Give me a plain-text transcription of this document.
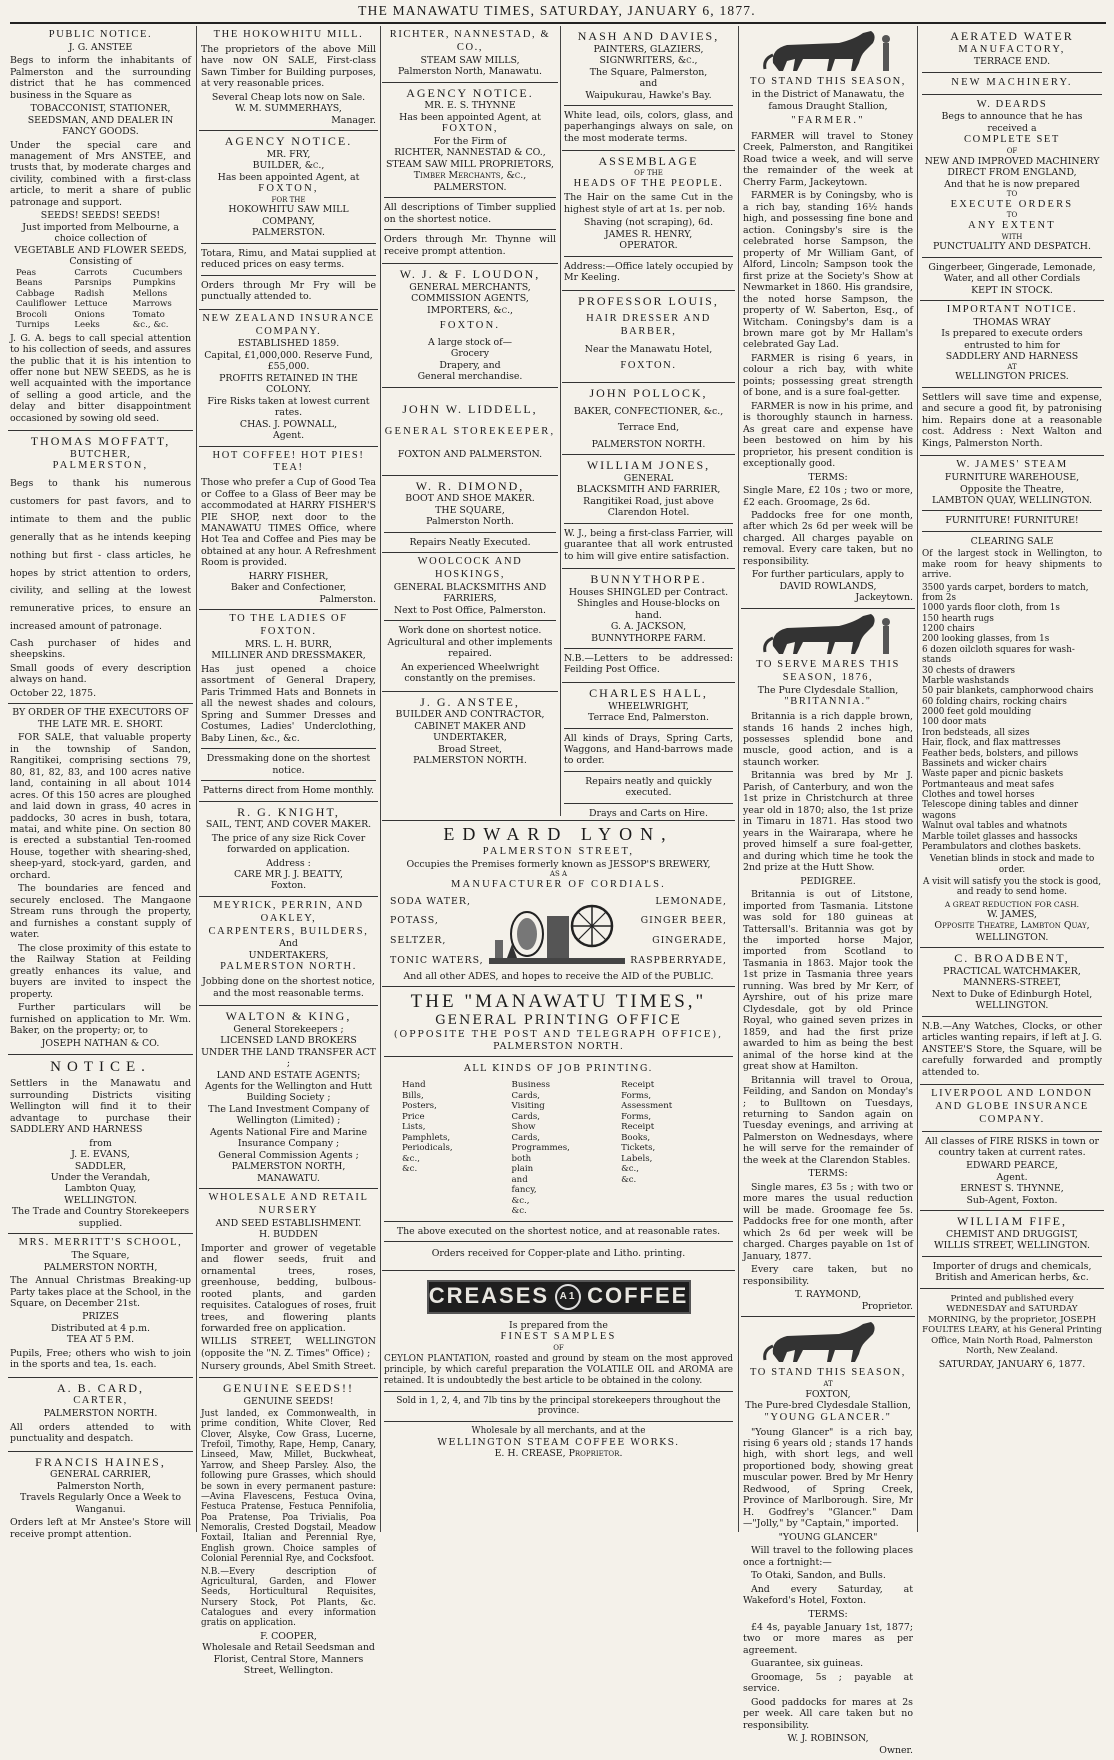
THE MANAWATU TIMES, SATURDAY, JANUARY 6, 1877.
PUBLIC NOTICE.
J. G. ANSTEE

Begs to inform the inhabitants of Palmerston and the surrounding district that he has commenced business in the Square as

TOBACCONIST, STATIONER, SEEDSMAN, AND DEALER IN FANCY GOODS.

Under the special care and management of Mrs ANSTEE, and trusts that, by moderate charges and civility, combined with a first-class article, to merit a share of public patronage and support.

SEEDS! SEEDS! SEEDS!
Just imported from Melbourne, a choice collection of
VEGETABLE AND FLOWER SEEDS,
Consisting of
Peas	Carrots	Cucumbers
Beans	Parsnips	Pumpkins
Cabbage	Radish	Mellons
Cauliflower Lettuce	Marrows
Brocoli	Onions	Tomato
Turnips	Leeks	&c., &c.

J. G. A. begs to call special attention to his collection of seeds, and assures the public that it is his intention to offer none but NEW SEEDS, as he is well acquainted with the importance of selling a good article, and the delay and bitter disappointment occasioned by sowing old seed.

THOMAS MOFFATT,
BUTCHER,
PALMERSTON,

Begs to thank his numerous customers for past favors, and to intimate to them and the public generally that as he intends keeping nothing but first - class articles, he hopes by strict attention to orders, civility, and selling at the lowest remunerative prices, to ensure an increased amount of patronage.

Cash purchaser of hides and sheepskins.

Small goods of every description always on hand.

October 22, 1875.
BY ORDER OF THE EXECUTORS OF THE LATE MR. E. SHORT.

FOR SALE, that valuable property in the township of Sandon, Rangitikei, comprising sections 79, 80, 81, 82, 83, and 100 acres native land, containing in all about 1014 acres. Of this 150 acres are ploughed and laid down in grass, 40 acres in paddocks, 30 acres in bush, totara, matai, and white pine. On section 80 is erected a substantial Ten-roomed House, together with shearing-shed, sheep-yard, stock-yard, garden, and orchard.

The boundaries are fenced and securely enclosed. The Mangaone Stream runs through the property, and furnishes a constant supply of water.

The close proximity of this estate to the Railway Station at Feilding greatly enhances its value, and buyers are invited to inspect the property.

Further particulars will be furnished on application to Mr. Wm. Baker, on the property; or, to

JOSEPH NATHAN & CO.
NOTICE.

Settlers in the Manawatu and surrounding Districts visiting Wellington will find it to their advantage to purchase their SADDLERY AND HARNESS

from
J. E. EVANS,
SADDLER,
Under the Verandah,
Lambton Quay,
WELLINGTON.
The Trade and Country Storekeepers supplied.
MRS. MERRITT'S SCHOOL,
The Square,
PALMERSTON NORTH,

The Annual Christmas Breaking-up Party takes place at the School, in the Square, on December 21st.

PRIZES
Distributed at 4 p.m.
TEA AT 5 P.M.

Pupils, Free; others who wish to join in the sports and tea, 1s. each.

A. B. CARD,
CARTER,
PALMERSTON NORTH.

All orders attended to with punctuality and despatch.

FRANCIS HAINES,
GENERAL CARRIER,
Palmerston North,
Travels Regularly Once a Week to Wanganui.

Orders left at Mr Anstee's Store will receive prompt attention.

THE HOKOWHITU MILL.

The proprietors of the above Mill have now ON SALE, First-class Sawn Timber for Building purposes, at very reasonable prices.

Several Cheap lots now on Sale.
W. M. SUMMERHAYS,
Manager.
AGENCY NOTICE.
MR. FRY,
BUILDER, &c.,
Has been appointed Agent, at
FOXTON,
FOR THE
HOKOWHITU SAW MILL COMPANY,
PALMERSTON.

Totara, Rimu, and Matai supplied at reduced prices on easy terms.

Orders through Mr Fry will be punctually attended to.

NEW ZEALAND INSURANCE COMPANY.
ESTABLISHED 1859.
Capital, £1,000,000. Reserve Fund, £55,000.
PROFITS RETAINED IN THE COLONY.
Fire Risks taken at lowest current rates.
CHAS. J. POWNALL,
Agent.
HOT COFFEE! HOT PIES! TEA!

Those who prefer a Cup of Good Tea or Coffee to a Glass of Beer may be accommodated at HARRY FISHER'S PIE SHOP, next door to the MANAWATU TIMES Office, where Hot Tea and Coffee and Pies may be obtained at any hour. A Refreshment Room is provided.

HARRY FISHER,
Baker and Confectioner,
Palmerston.
TO THE LADIES OF FOXTON.
MRS. L. H. BURR,
MILLINER AND DRESSMAKER,

Has just opened a choice assortment of General Drapery, Paris Trimmed Hats and Bonnets in all the newest shades and colours, Spring and Summer Dresses and Costumes, Ladies' Underclothing, Baby Linen, &c., &c.

Dressmaking done on the shortest notice.
Patterns direct from Home monthly.
R. G. KNIGHT,
SAIL, TENT, AND COVER MAKER.

The price of any size Rick Cover forwarded on application.

Address :
CARE MR J. J. BEATTY,
Foxton.
MEYRICK, PERRIN, AND OAKLEY,
CARPENTERS, BUILDERS,
And
UNDERTAKERS,
PALMERSTON NORTH.

Jobbing done on the shortest notice, and the most reasonable terms.

WALTON & KING,
General Storekeepers ;
LICENSED LAND BROKERS
UNDER THE LAND TRANSFER ACT ;
LAND AND ESTATE AGENTS;
Agents for the Wellington and Hutt Building Society ;
The Land Investment Company of Wellington (Limited) ;
Agents National Fire and Marine Insurance Company ;
General Commission Agents ;
PALMERSTON NORTH, MANAWATU.
WHOLESALE AND RETAIL NURSERY
AND SEED ESTABLISHMENT.
H. BUDDEN

Importer and grower of vegetable and flower seeds, fruit and ornamental trees, roses, greenhouse, bedding, bulbous-rooted plants, and garden requisites. Catalogues of roses, fruit trees, and flowering plants forwarded free on application.

WILLIS STREET, WELLINGTON (opposite the "N. Z. Times" Office) ;

Nursery grounds, Abel Smith Street.
GENUINE SEEDS!!
GENUINE SEEDS!

Just landed, ex Commonwealth, in prime condition, White Clover, Red Clover, Alsyke, Cow Grass, Lucerne, Trefoil, Timothy, Rape, Hemp, Canary, Linseed, Maw, Millet, Buckwheat, Yarrow, and Sheep Parsley. Also, the following pure Grasses, which should be sown in every permanent pasture:—Avina Flavescens, Festuca Ovina, Festuca Pratense, Festuca Pennifolia, Poa Pratense, Poa Trivialis, Poa Nemoralis, Crested Dogstail, Meadow Foxtail, Italian and Perennial Rye, English grown. Choice samples of Colonial Perennial Rye, and Cocksfoot.

N.B.—Every description of Agricultural, Garden, and Flower Seeds, Horticultural Requisites, Nursery Stock, Pot Plants, &c. Catalogues and every information gratis on application.

F. COOPER,
Wholesale and Retail Seedsman and Florist, Central Store, Manners Street, Wellington.
RICHTER, NANNESTAD, & CO.,
STEAM SAW MILLS,
Palmerston North, Manawatu.
AGENCY NOTICE.
MR. E. S. THYNNE
Has been appointed Agent, at
FOXTON,
For the Firm of
RICHTER, NANNESTAD & CO.,
STEAM SAW MILL PROPRIETORS, Timber Merchants, &c.,
PALMERSTON.

All descriptions of Timber supplied on the shortest notice.

Orders through Mr. Thynne will receive prompt attention.

W. J. & F. LOUDON,
GENERAL MERCHANTS,
COMMISSION AGENTS, IMPORTERS, &c.,
FOXTON.
A large stock of—
Grocery
Drapery, and
General merchandise.
JOHN W. LIDDELL,
GENERAL STOREKEEPER,
FOXTON AND PALMERSTON.
W. R. DIMOND,
BOOT AND SHOE MAKER.
THE SQUARE,
Palmerston North.
Repairs Neatly Executed.
WOOLCOCK AND HOSKINGS,
GENERAL BLACKSMITHS AND FARRIERS,
Next to Post Office, Palmerston.

Work done on shortest notice. Agricultural and other implements repaired.

An experienced Wheelwright constantly on the premises.

J. G. ANSTEE,
BUILDER AND CONTRACTOR,
CABINET MAKER AND UNDERTAKER,
Broad Street,
PALMERSTON NORTH.
NASH AND DAVIES,
PAINTERS, GLAZIERS, SIGNWRITERS, &c.,
The Square, Palmerston,
and
Waipukurau, Hawke's Bay.

White lead, oils, colors, glass, and paperhangings always on sale, on the most moderate terms.

ASSEMBLAGE
OF THE
HEADS OF THE PEOPLE.

The Hair on the same Cut in the highest style of art at 1s. per nob.

Shaving (not scraping), 6d.
JAMES R. HENRY,
OPERATOR.

Address:—Office lately occupied by Mr Keeling.

PROFESSOR LOUIS,
HAIR DRESSER AND BARBER,
Near the Manawatu Hotel,
FOXTON.
JOHN POLLOCK,
BAKER, CONFECTIONER, &c.,
Terrace End,
PALMERSTON NORTH.
WILLIAM JONES,
GENERAL
BLACKSMITH AND FARRIER,
Rangitikei Road, just above Clarendon Hotel.

W. J., being a first-class Farrier, will guarantee that all work entrusted to him will give entire satisfaction.

BUNNYTHORPE.
Houses SHINGLED per Contract.
Shingles and House-blocks on hand.
G. A. JACKSON,
BUNNYTHORPE FARM.

N.B.—Letters to be addressed: Feilding Post Office.

CHARLES HALL,
WHEELWRIGHT,
Terrace End, Palmerston.

All kinds of Drays, Spring Carts, Waggons, and Hand-barrows made to order.

Repairs neatly and quickly executed.
Drays and Carts on Hire.
EDWARD LYON,
PALMERSTON STREET,
Occupies the Premises formerly known as JESSOP'S BREWERY,
AS A
MANUFACTURER OF CORDIALS.
SODA WATER,
POTASS,
SELTZER,
TONIC WATERS,
LEMONADE,
GINGER BEER,
GINGERADE,
RASPBERRYADE,
And all other ADES, and hopes to receive the AID of the PUBLIC.
THE "MANAWATU TIMES,"
GENERAL PRINTING OFFICE
(OPPOSITE THE POST AND TELEGRAPH OFFICE),
PALMERSTON NORTH.
ALL KINDS OF JOB PRINTING.
Hand Bills,
Posters,
Price Lists,
Pamphlets,
Periodicals,
&c., &c.
Business Cards,
Visiting Cards,
Show Cards,
Programmes, both plain
and fancy,
&c., &c.
Receipt Forms,
Assessment Forms,
Receipt Books,
Tickets,
Labels,
&c., &c.
The above executed on the shortest notice, and at reasonable rates.
Orders received for Copper-plate and Litho. printing.
CREASES	A1 COFFEE
Is prepared from the
FINEST SAMPLES
OF

CEYLON PLANTATION, roasted and ground by steam on the most approved principle, by which careful preparation the VOLATILE OIL and AROMA are retained. It is undoubtedly the best article to be obtained in the colony.

Sold in 1, 2, 4, and 7lb tins by the principal storekeepers throughout the province.
Wholesale by all merchants, and at the
WELLINGTON STEAM COFFEE WORKS.
E. H. CREASE, Proprietor.
TO STAND THIS SEASON,
in the District of Manawatu, the famous Draught Stallion,
"FARMER."

FARMER will travel to Stoney Creek, Palmerston, and Rangitikei Road twice a week, and will serve the remainder of the week at Cherry Farm, Jackeytown.

FARMER is by Coningsby, who is a rich bay, standing 16½ hands high, and possessing fine bone and action. Coningsby's sire is the celebrated horse Sampson, the property of Mr William Gant, of Alford, Lincoln; Sampson took the first prize at the Society's Show at Newmarket in 1860. His grandsire, the noted horse Sampson, the property of W. Saberton, Esq., of Witcham. Coningsby's dam is a brown mare got by Mr Hallam's celebrated Gay Lad.

FARMER is rising 6 years, in colour a rich bay, with white points; possessing great strength of bone, and is a sure foal-getter.

FARMER is now in his prime, and is thoroughly staunch in harness. As great care and expense have been bestowed on him by his proprietor, his present condition is exceptionally good.

TERMS:

Single Mare, £2 10s ; two or more, £2 each. Groomage, 2s 6d.

Paddocks free for one month, after which 2s 6d per week will be charged. All charges payable on removal. Every care taken, but no responsibility.

For further particulars, apply to
DAVID ROWLANDS,
Jackeytown.
TO SERVE MARES THIS SEASON, 1876,
The Pure Clydesdale Stallion,
"BRITANNIA."

Britannia is a rich dapple brown, stands 16 hands 2 inches high, possesses splendid bone and muscle, good action, and is a staunch worker.

Britannia was bred by Mr J. Parish, of Canterbury, and won the 1st prize in Christchurch at three year old in 1870; also, the 1st prize in Timaru in 1871. Has stood two years in the Wairarapa, where he proved himself a sure foal-getter, and during which time he took the 2nd prize at the Hutt Show.

PEDIGREE.

Britannia is out of Litstone, imported from Tasmania. Litstone was sold for 180 guineas at Tattersall's. Britannia was got by the imported horse Major, imported from Scotland to Tasmania in 1863. Major took the 1st prize in Tasmania three years running. Was bred by Mr Kerr, of Ayrshire, out of his prize mare Clydesdale, got by old Prince Royal, who gained seven prizes in 1859, and had the first prize awarded to him as being the best animal of the horse kind at the great show at Hamilton.

Britannia will travel to Oroua, Feilding, and Sandon on Monday's ; to Bulltown on Tuesdays, returning to Sandon again on Tuesday evenings, and arriving at Palmerston on Wednesdays, where he will serve for the remainder of the week at the Clarendon Stables.

TERMS:

Single mares, £3 5s ; with two or more mares the usual reduction will be made. Groomage fee 5s. Paddocks free for one month, after which 2s 6d per week will be charged. Charges payable on 1st of January, 1877.

Every care taken, but no responsibility.

T. RAYMOND,
Proprietor.
TO STAND THIS SEASON,
AT
FOXTON,
The Pure-bred Clydesdale Stallion,
"YOUNG GLANCER."

"Young Glancer" is a rich bay, rising 6 years old ; stands 17 hands high, with short legs, and well proportioned body, showing great muscular power. Bred by Mr Henry Redwood, of Spring Creek, Province of Marlborough. Sire, Mr H. Godfrey's "Glancer." Dam—"Jolly," by "Captain," imported.

"YOUNG GLANCER"

Will travel to the following places once a fortnight:—

To Otaki, Sandon, and Bulls.

And every Saturday, at Wakeford's Hotel, Foxton.

TERMS:

£4 4s, payable January 1st, 1877; two or more mares as per agreement.

Guarantee, six guineas.

Groomage, 5s ; payable at service.

Good paddocks for mares at 2s per week. All care taken but no responsibility.

W. J. ROBINSON,
Owner.
AERATED WATER
MANUFACTORY,
TERRACE END.
NEW MACHINERY.
W. DEARDS
Begs to announce that he has received a
COMPLETE SET
OF
NEW AND IMPROVED MACHINERY
DIRECT FROM ENGLAND,
And that he is now prepared
TO
EXECUTE ORDERS
TO
ANY EXTENT
WITH
PUNCTUALITY AND DESPATCH.
Gingerbeer, Gingerade, Lemonade, Water, and all other Cordials
KEPT IN STOCK.
IMPORTANT NOTICE.
THOMAS WRAY
Is prepared to execute orders entrusted to him for
SADDLERY AND HARNESS
AT
WELLINGTON PRICES.

Settlers will save time and expense, and secure a good fit, by patronising him. Repairs done at a reasonable cost. Address : Next Walton and Kings, Palmerston North.

W. JAMES' STEAM
FURNITURE WAREHOUSE,
Opposite the Theatre,
LAMBTON QUAY, WELLINGTON.
FURNITURE! FURNITURE!
CLEARING SALE

Of the largest stock in Wellington, to make room for heavy shipments to arrive.

3500 yards carpet, borders to match, from 2s
1000 yards floor cloth, from 1s
150 hearth rugs
1200 chairs
200 looking glasses, from 1s
6 dozen oilcloth squares for wash-stands
30 chests of drawers
Marble washstands
50 pair blankets, camphorwood chairs
60 folding chairs, rocking chairs
2000 feet gold moulding
100 door mats
Iron bedsteads, all sizes
Hair, flock, and flax mattresses
Feather beds, bolsters, and pillows
Bassinets and wicker chairs
Waste paper and picnic baskets
Portmanteaus and meat safes
Clothes and towel horses
Telescope dining tables and dinner wagons
Walnut oval tables and whatnots
Marble toilet glasses and hassocks
Perambulators and clothes baskets.

Venetian blinds in stock and made to order.

A visit will satisfy you the stock is good, and ready to send home.

A GREAT REDUCTION FOR CASH.
W. JAMES,
Opposite Theatre, Lambton Quay, WELLINGTON.
C. BROADBENT,
PRACTICAL WATCHMAKER,
MANNERS-STREET,
Next to Duke of Edinburgh Hotel, WELLINGTON.

N.B.—Any Watches, Clocks, or other articles wanting repairs, if left at J. G. ANSTEE'S Store, the Square, will be carefully forwarded and promptly attended to.

LIVERPOOL AND LONDON AND GLOBE INSURANCE COMPANY.

All classes of FIRE RISKS in town or country taken at current rates.

EDWARD PEARCE,
Agent.
ERNEST S. THYNNE,
Sub-Agent, Foxton.
WILLIAM FIFE,
CHEMIST AND DRUGGIST,
WILLIS STREET, WELLINGTON.
Importer of drugs and chemicals, British and American herbs, &c.

Printed and published every WEDNESDAY and SATURDAY MORNING, by the proprietor, JOSEPH FOULTES LEARY, at his General Printing Office, Main North Road, Palmerston North, New Zealand.

SATURDAY, JANUARY 6, 1877.
